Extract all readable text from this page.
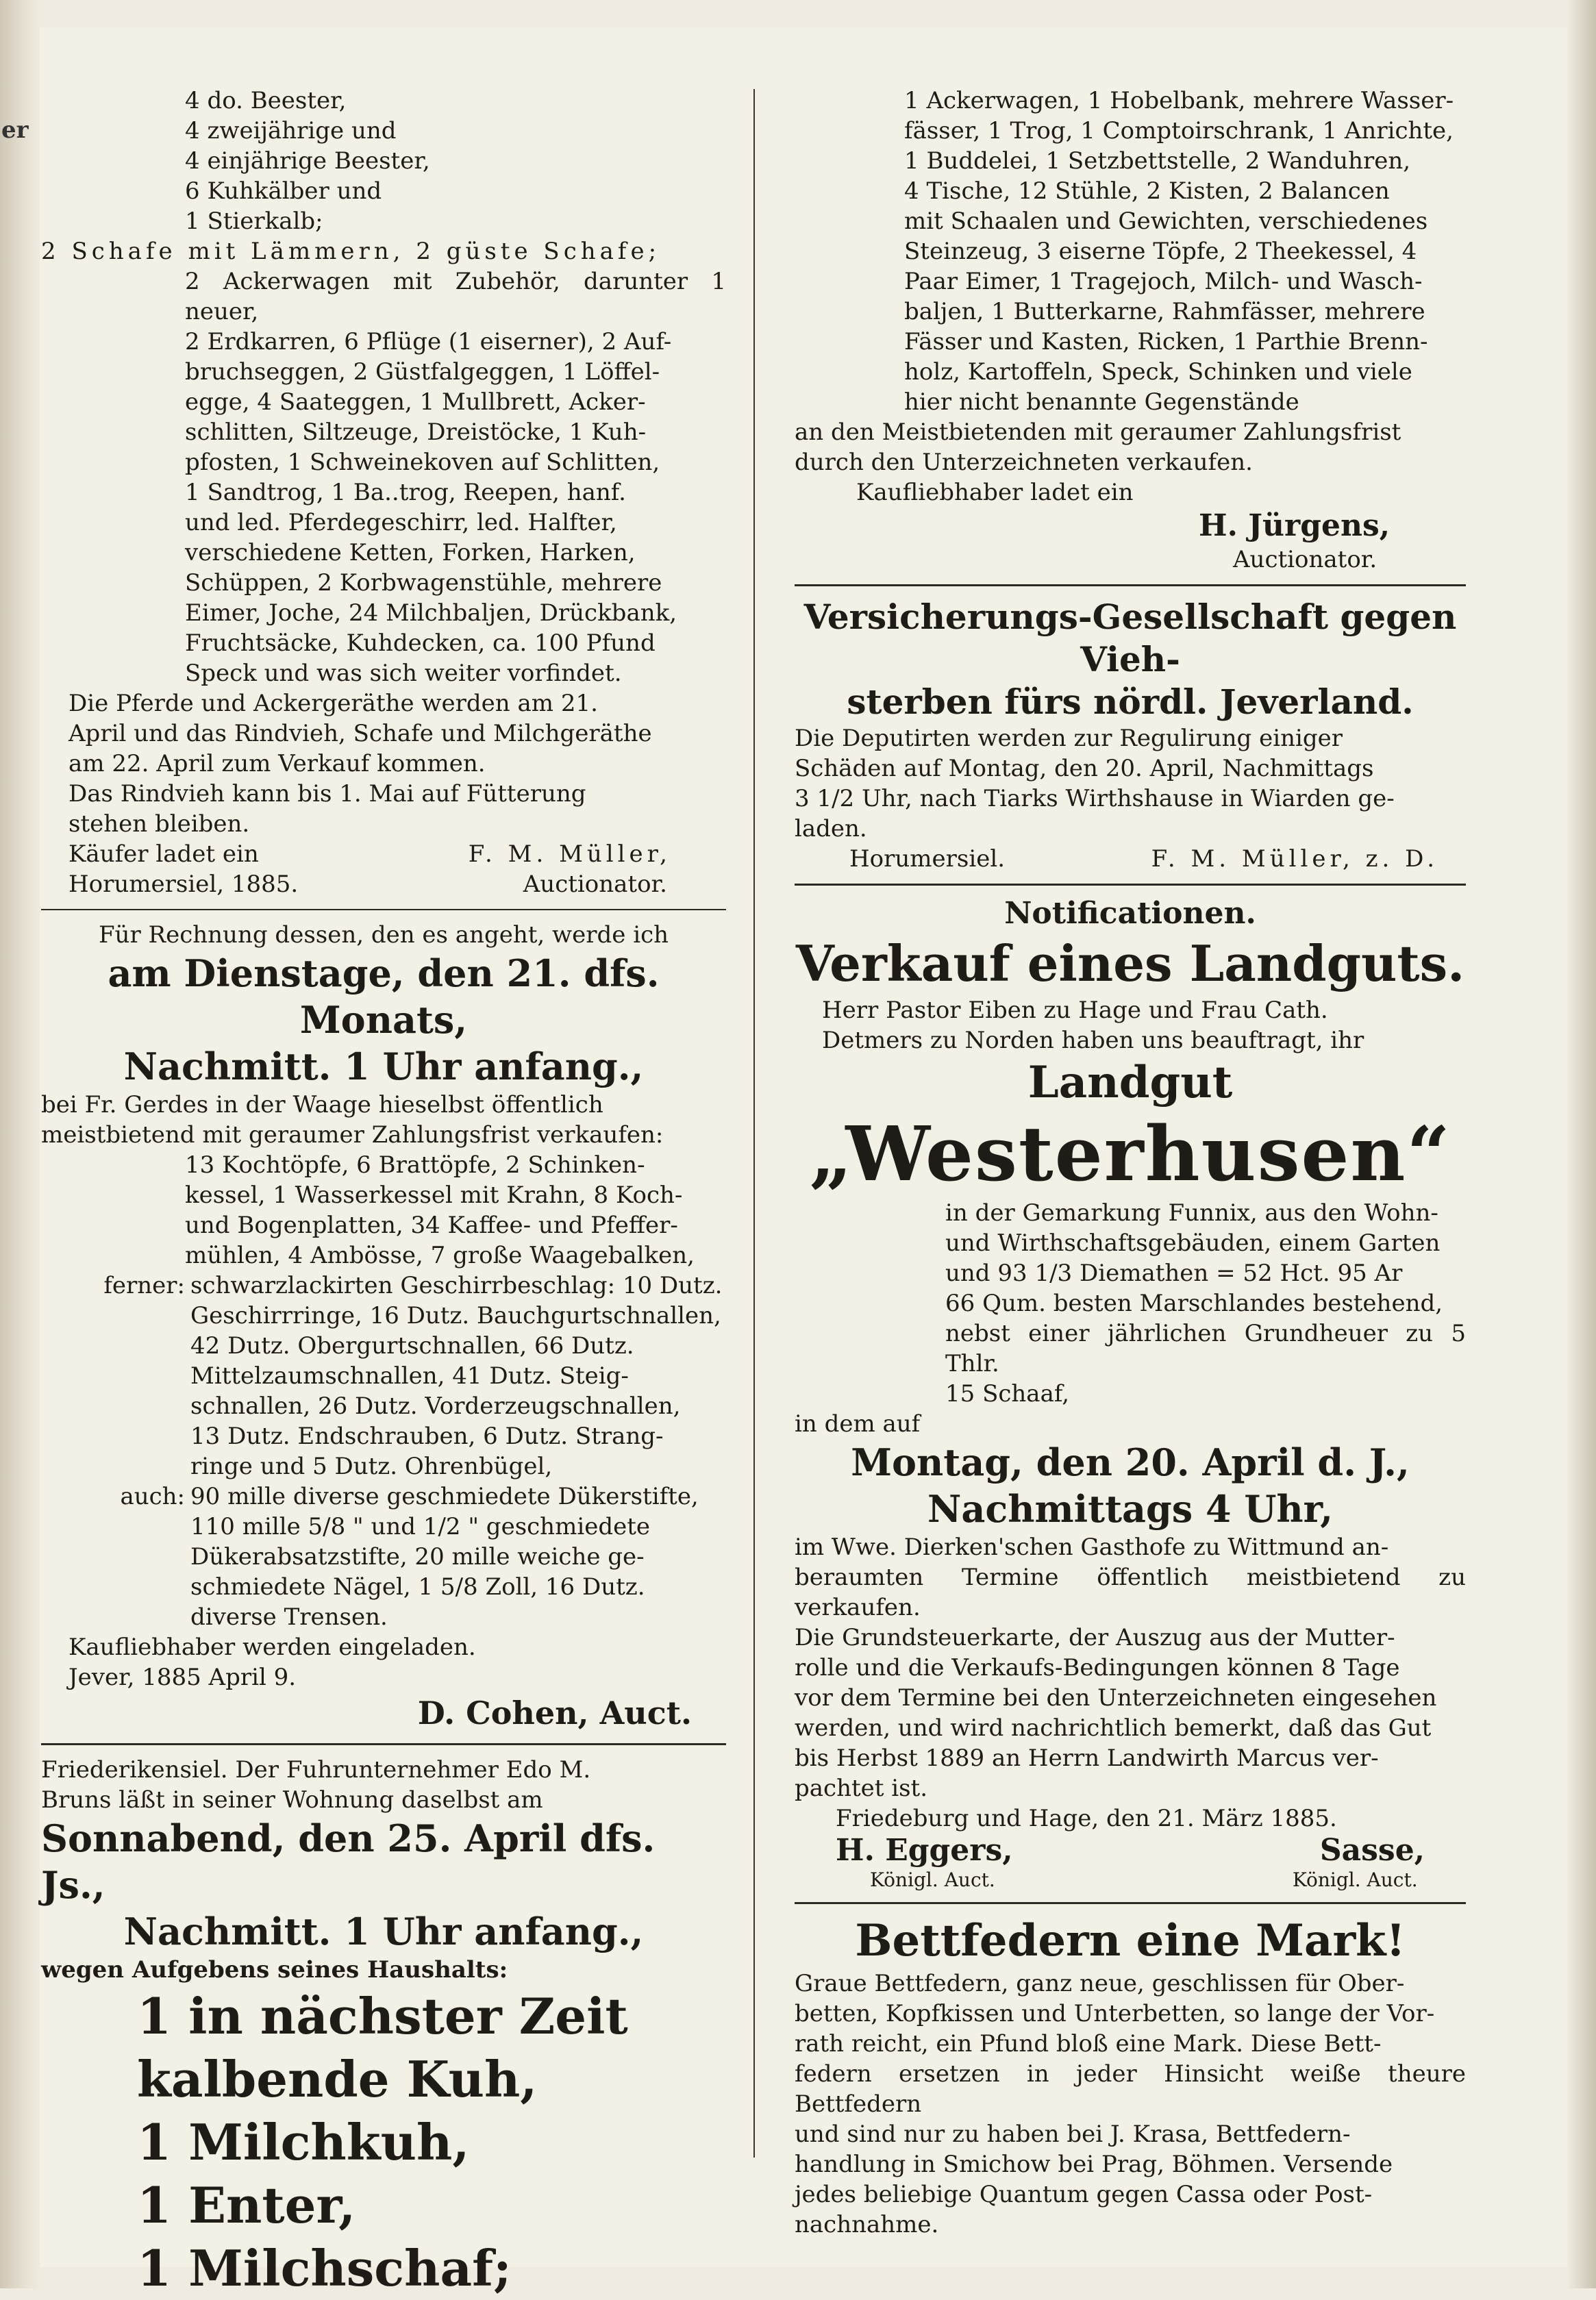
er
4 do. Beester,
4 zweijährige und
4 einjährige Beester,
6 Kuhkälber und
1 Stierkalb;

2 Schafe mit Lämmern, 2 güste Schafe;

2 Ackerwagen mit Zubehör, darunter 1 neuer,
2 Erdkarren, 6 Pflüge (1 eiserner), 2 Auf-
bruchseggen, 2 Güstfalgeggen, 1 Löffel-
egge, 4 Saateggen, 1 Mullbrett, Acker-
schlitten, Siltzeuge, Dreistöcke, 1 Kuh-
pfosten, 1 Schweinekoven auf Schlitten,
1 Sandtrog, 1 Ba..trog, Reepen, hanf.
und led. Pferdegeschirr, led. Halfter,
verschiedene Ketten, Forken, Harken,
Schüppen, 2 Korbwagenstühle, mehrere
Eimer, Joche, 24 Milchbaljen, Drückbank,
Fruchtsäcke, Kuhdecken, ca. 100 Pfund
Speck und was sich weiter vorfindet.
Die Pferde und Ackergeräthe werden am 21.
April und das Rindvieh, Schafe und Milchgeräthe
am 22. April zum Verkauf kommen.
Das Rindvieh kann bis 1. Mai auf Fütterung
stehen bleiben.
Käufer ladet ein
Horumersiel, 1885.
F. M. Müller,
Auctionator.

Für Rechnung dessen, den es angeht, werde ich

am Dienstage, den 21. dfs. Monats,

Nachmitt. 1 Uhr anfang.,

bei Fr. Gerdes in der Waage hieselbst öffentlich
meistbietend mit geraumer Zahlungsfrist verkaufen:
13 Kochtöpfe, 6 Brattöpfe, 2 Schinken-
kessel, 1 Wasserkessel mit Krahn, 8 Koch-
und Bogenplatten, 34 Kaffee- und Pfeffer-
mühlen, 4 Ambösse, 7 große Waagebalken,
ferner: schwarzlackirten Geschirrbeschlag: 10 Dutz.
Geschirrringe, 16 Dutz. Bauchgurtschnallen,
42 Dutz. Obergurtschnallen, 66 Dutz.
Mittelzaumschnallen, 41 Dutz. Steig-
schnallen, 26 Dutz. Vorderzeugschnallen,
13 Dutz. Endschrauben, 6 Dutz. Strang-
ringe und 5 Dutz. Ohrenbügel,
auch: 90 mille diverse geschmiedete Dükerstifte,
110 mille 5/8 " und 1/2 " geschmiedete
Dükerabsatzstifte, 20 mille weiche ge-
schmiedete Nägel, 1 5/8 Zoll, 16 Dutz.
diverse Trensen.

Kaufliebhaber werden eingeladen.

Jever, 1885 April 9.

D. Cohen, Auct.

Friederikensiel. Der Fuhrunternehmer Edo M.
Bruns läßt in seiner Wohnung daselbst am

Sonnabend, den 25. April dfs. Js.,

Nachmitt. 1 Uhr anfang.,

wegen Aufgebens seines Haushalts:

1 in nächster Zeit
kalbende Kuh,
1 Milchkuh,
1 Enter,
1 Milchschaf;
1 Ackerwagen, 1 Hobelbank, mehrere Wasser-
fässer, 1 Trog, 1 Comptoirschrank, 1 Anrichte,
1 Buddelei, 1 Setzbettstelle, 2 Wanduhren,
4 Tische, 12 Stühle, 2 Kisten, 2 Balancen
mit Schaalen und Gewichten, verschiedenes
Steinzeug, 3 eiserne Töpfe, 2 Theekessel, 4
Paar Eimer, 1 Tragejoch, Milch- und Wasch-
baljen, 1 Butterkarne, Rahmfässer, mehrere
Fässer und Kasten, Ricken, 1 Parthie Brenn-
holz, Kartoffeln, Speck, Schinken und viele
hier nicht benannte Gegenstände
an den Meistbietenden mit geraumer Zahlungsfrist
durch den Unterzeichneten verkaufen.

Kaufliebhaber ladet ein

H. Jürgens,

Auctionator.

Versicherungs-Gesellschaft gegen Vieh-
sterben fürs nördl. Jeverland.
Die Deputirten werden zur Regulirung einiger
Schäden auf Montag, den 20. April, Nachmittags
3 1/2 Uhr, nach Tiarks Wirthshause in Wiarden ge-
laden.
Horumersiel.	F. M. Müller, z. D.

Notificationen.

Verkauf eines Landguts.

Herr Pastor Eiben zu Hage und Frau Cath.
Detmers zu Norden haben uns beauftragt, ihr

Landgut

„Westerhusen“

in der Gemarkung Funnix, aus den Wohn-
und Wirthschaftsgebäuden, einem Garten
und 93 1/3 Diemathen = 52 Hct. 95 Ar
66 Qum. besten Marschlandes bestehend,
nebst einer jährlichen Grundheuer zu 5 Thlr.
15 Schaaf,

in dem auf

Montag, den 20. April d. J.,

Nachmittags 4 Uhr,

im Wwe. Dierken'schen Gasthofe zu Wittmund an-
beraumten Termine öffentlich meistbietend zu verkaufen.
Die Grundsteuerkarte, der Auszug aus der Mutter-
rolle und die Verkaufs-Bedingungen können 8 Tage
vor dem Termine bei den Unterzeichneten eingesehen
werden, und wird nachrichtlich bemerkt, daß das Gut
bis Herbst 1889 an Herrn Landwirth Marcus ver-
pachtet ist.

Friedeburg und Hage, den 21. März 1885.

H. Eggers,
Königl. Auct.
Sasse,
Königl. Auct.

Bettfedern eine Mark!

Graue Bettfedern, ganz neue, geschlissen für Ober-
betten, Kopfkissen und Unterbetten, so lange der Vor-
rath reicht, ein Pfund bloß eine Mark. Diese Bett-
federn ersetzen in jeder Hinsicht weiße theure Bettfedern
und sind nur zu haben bei J. Krasa, Bettfedern-
handlung in Smichow bei Prag, Böhmen. Versende
jedes beliebige Quantum gegen Cassa oder Post-
nachnahme.
